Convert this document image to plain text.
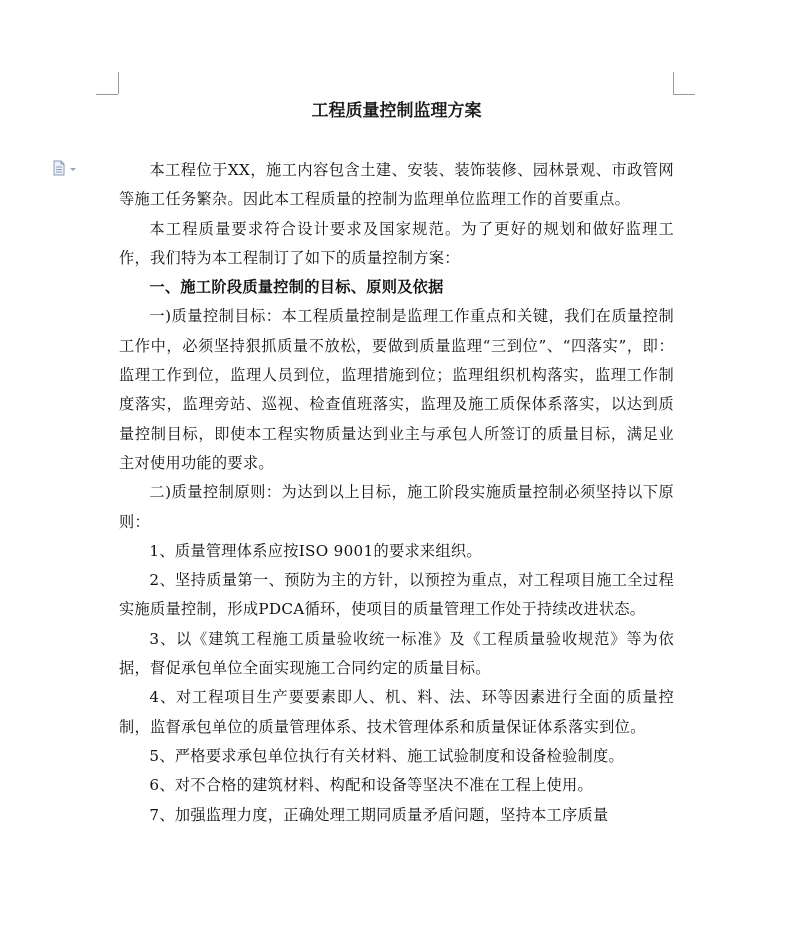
工程质量控制监理方案

本工程位于XX，施工内容包含土建、安装、装饰装修、园林景观、市政管网等施工任务繁杂。因此本工程质量的控制为监理单位监理工作的首要重点。

本工程质量要求符合设计要求及国家规范。为了更好的规划和做好监理工作，我们特为本工程制订了如下的质量控制方案：

一、施工阶段质量控制的目标、原则及依据

一)质量控制目标：本工程质量控制是监理工作重点和关键，我们在质量控制工作中，必须坚持狠抓质量不放松，要做到质量监理“三到位”、“四落实”，即：监理工作到位，监理人员到位，监理措施到位；监理组织机构落实，监理工作制度落实，监理旁站、巡视、检查值班落实，监理及施工质保体系落实，以达到质量控制目标，即使本工程实物质量达到业主与承包人所签订的质量目标，满足业主对使用功能的要求。

二)质量控制原则：为达到以上目标，施工阶段实施质量控制必须坚持以下原则：

1、质量管理体系应按ISO 9001的要求来组织。

2、坚持质量第一、预防为主的方针，以预控为重点，对工程项目施工全过程实施质量控制，形成PDCA循环，使项目的质量管理工作处于持续改进状态。

3、以《建筑工程施工质量验收统一标准》及《工程质量验收规范》等为依据，督促承包单位全面实现施工合同约定的质量目标。

4、对工程项目生产要要素即人、机、料、法、环等因素进行全面的质量控制，监督承包单位的质量管理体系、技术管理体系和质量保证体系落实到位。

5、严格要求承包单位执行有关材料、施工试验制度和设备检验制度。

6、对不合格的建筑材料、构配和设备等坚决不准在工程上使用。

7、加强监理力度，正确处理工期同质量矛盾问题，坚持本工序质量
